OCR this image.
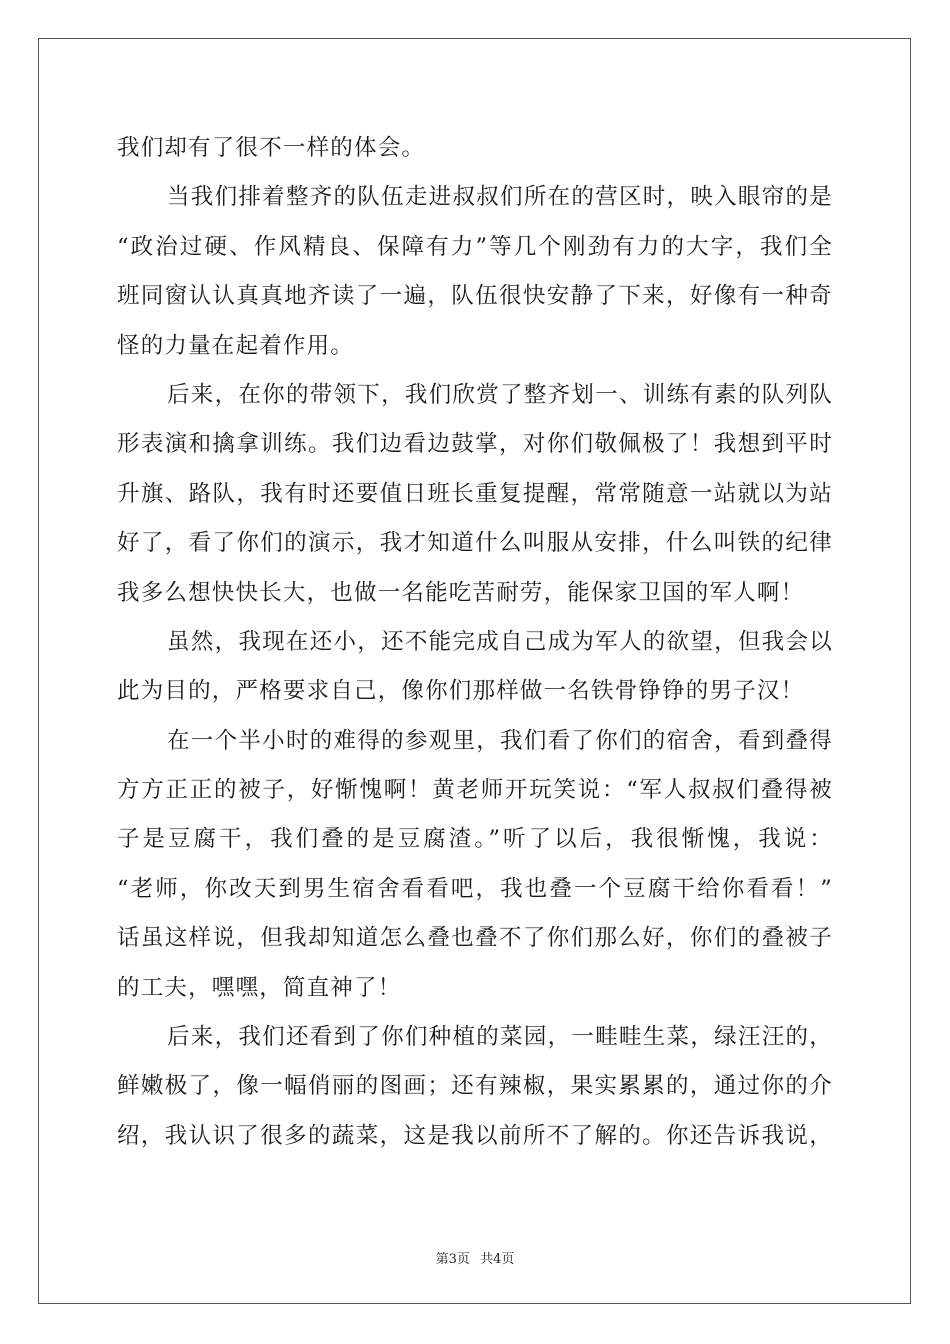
我们却有了很不一样的体会。
当我们排着整齐的队伍走进叔叔们所在的营区时，映入眼帘的是
“政治过硬、作风精良、保障有力”等几个刚劲有力的大字，我们全
班同窗认认真真地齐读了一遍，队伍很快安静了下来，好像有一种奇
怪的力量在起着作用。
后来，在你的带领下，我们欣赏了整齐划一、训练有素的队列队
形表演和擒拿训练。我们边看边鼓掌，对你们敬佩极了！我想到平时
升旗、路队，我有时还要值日班长重复提醒，常常随意一站就以为站
好了，看了你们的演示，我才知道什么叫服从安排，什么叫铁的纪律
我多么想快快长大，也做一名能吃苦耐劳，能保家卫国的军人啊！
虽然，我现在还小，还不能完成自己成为军人的欲望，但我会以
此为目的，严格要求自己，像你们那样做一名铁骨铮铮的男子汉！
在一个半小时的难得的参观里，我们看了你们的宿舍，看到叠得
方方正正的被子，好惭愧啊！黄老师开玩笑说：“军人叔叔们叠得被
子是豆腐干，我们叠的是豆腐渣。”听了以后，我很惭愧，我说：
“老师，你改天到男生宿舍看看吧，我也叠一个豆腐干给你看看！”
话虽这样说，但我却知道怎么叠也叠不了你们那么好，你们的叠被子
的工夫，嘿嘿，简直神了！
后来，我们还看到了你们种植的菜园，一畦畦生菜，绿汪汪的，
鲜嫩极了，像一幅俏丽的图画；还有辣椒，果实累累的，通过你的介
绍，我认识了很多的蔬菜，这是我以前所不了解的。你还告诉我说，
第3页 共4页
